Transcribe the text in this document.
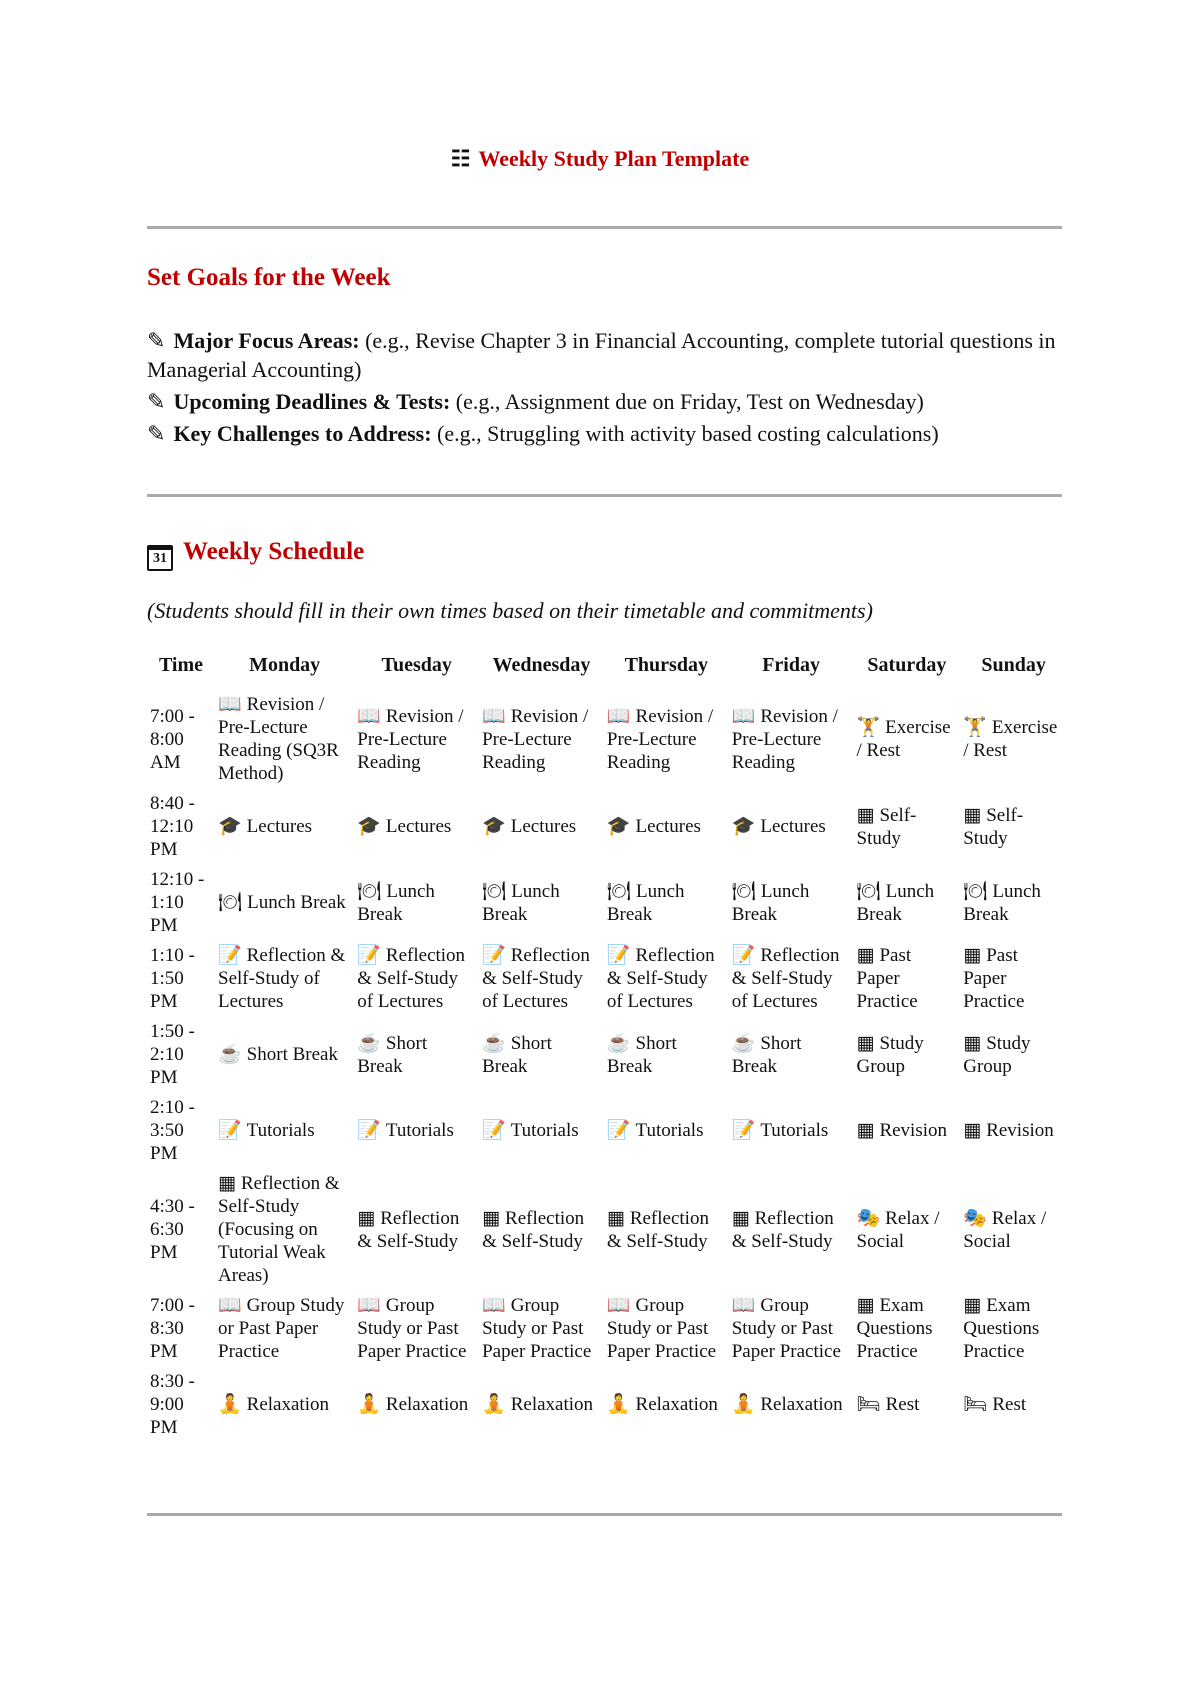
☷ Weekly Study Plan Template
Set Goals for the Week
✎ Major Focus Areas: (e.g., Revise Chapter 3 in Financial Accounting, complete tutorial questions in Managerial Accounting)
✎ Upcoming Deadlines & Tests: (e.g., Assignment due on Friday, Test on Wednesday)
✎ Key Challenges to Address: (e.g., Struggling with activity based costing calculations)
31 Weekly Schedule
(Students should fill in their own times based on their timetable and commitments)
Time	Monday	Tuesday	Wednesday	Thursday	Friday	Saturday	Sunday
7:00 - 8:00 AM	📖 Revision / Pre-Lecture Reading (SQ3R Method)	📖 Revision / Pre-Lecture Reading	📖 Revision / Pre-Lecture Reading	📖 Revision / Pre-Lecture Reading	📖 Revision / Pre-Lecture Reading	🏋 Exercise / Rest	🏋 Exercise / Rest
8:40 - 12:10 PM	🎓 Lectures	🎓 Lectures	🎓 Lectures	🎓 Lectures	🎓 Lectures	▦ Self-Study	▦ Self-Study
12:10 - 1:10 PM	🍽 Lunch Break	🍽 Lunch Break	🍽 Lunch Break	🍽 Lunch Break	🍽 Lunch Break	🍽 Lunch Break	🍽 Lunch Break
1:10 - 1:50 PM	📝 Reflection & Self-Study of Lectures	📝 Reflection & Self-Study of Lectures	📝 Reflection & Self-Study of Lectures	📝 Reflection & Self-Study of Lectures	📝 Reflection & Self-Study of Lectures	▦ Past Paper Practice	▦ Past Paper Practice
1:50 - 2:10 PM	☕ Short Break	☕ Short Break	☕ Short Break	☕ Short Break	☕ Short Break	▦ Study Group	▦ Study Group
2:10 - 3:50 PM	📝 Tutorials	📝 Tutorials	📝 Tutorials	📝 Tutorials	📝 Tutorials	▦ Revision	▦ Revision
4:30 - 6:30 PM	▦ Reflection & Self-Study (Focusing on Tutorial Weak Areas)	▦ Reflection & Self-Study	▦ Reflection & Self-Study	▦ Reflection & Self-Study	▦ Reflection & Self-Study	🎭 Relax / Social	🎭 Relax / Social
7:00 - 8:30 PM	📖 Group Study or Past Paper Practice	📖 Group Study or Past Paper Practice	📖 Group Study or Past Paper Practice	📖 Group Study or Past Paper Practice	📖 Group Study or Past Paper Practice	▦ Exam Questions Practice	▦ Exam Questions Practice
8:30 - 9:00 PM	🧘 Relaxation	🧘 Relaxation	🧘 Relaxation	🧘 Relaxation	🧘 Relaxation	🛏 Rest	🛏 Rest
